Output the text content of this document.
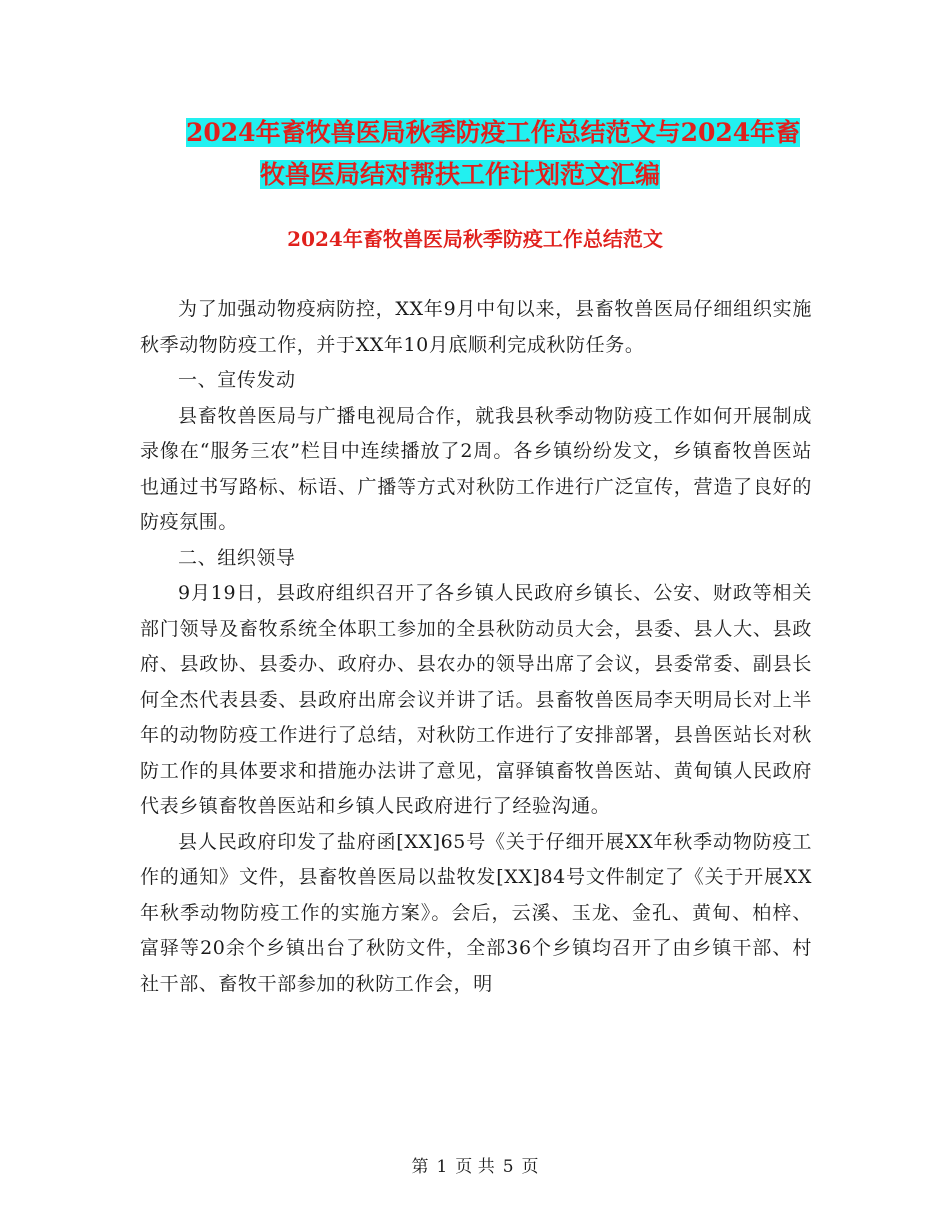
2024年畜牧兽医局秋季防疫工作总结范文与2024年畜
牧兽医局结对帮扶工作计划范文汇编
2024年畜牧兽医局秋季防疫工作总结范文

为了加强动物疫病防控，XX年9月中旬以来，县畜牧兽医局仔细组织实施秋季动物防疫工作，并于XX年10月底顺利完成秋防任务。

一、宣传发动

县畜牧兽医局与广播电视局合作，就我县秋季动物防疫工作如何开展制成录像在“服务三农”栏目中连续播放了2周。各乡镇纷纷发文，乡镇畜牧兽医站也通过书写路标、标语、广播等方式对秋防工作进行广泛宣传，营造了良好的防疫氛围。

二、组织领导

9月19日，县政府组织召开了各乡镇人民政府乡镇长、公安、财政等相关部门领导及畜牧系统全体职工参加的全县秋防动员大会，县委、县人大、县政府、县政协、县委办、政府办、县农办的领导出席了会议，县委常委、副县长何全杰代表县委、县政府出席会议并讲了话。县畜牧兽医局李天明局长对上半年的动物防疫工作进行了总结，对秋防工作进行了安排部署，县兽医站长对秋防工作的具体要求和措施办法讲了意见，富驿镇畜牧兽医站、黄甸镇人民政府代表乡镇畜牧兽医站和乡镇人民政府进行了经验沟通。

县人民政府印发了盐府函[XX]65号《关于仔细开展XX年秋季动物防疫工作的通知》文件，县畜牧兽医局以盐牧发[XX]84号文件制定了《关于开展XX年秋季动物防疫工作的实施方案》。会后，云溪、玉龙、金孔、黄甸、柏梓、富驿等20余个乡镇出台了秋防文件，全部36个乡镇均召开了由乡镇干部、村社干部、畜牧干部参加的秋防工作会，明

第 1 页 共 5 页
